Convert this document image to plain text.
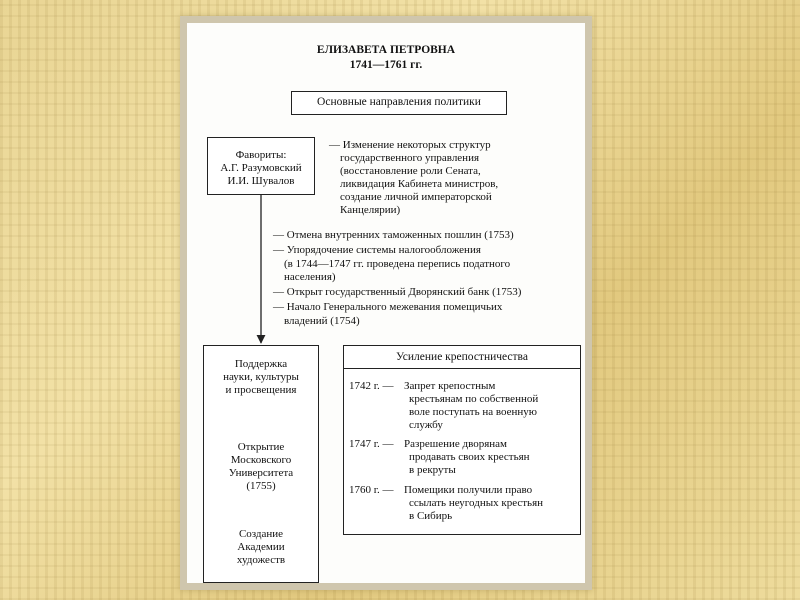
ЕЛИЗАВЕТА ПЕТРОВНА
1741—1761 гг.
Основные направления политики
Фавориты:
А.Г. Разумовский
И.И. Шувалов
— Изменение некоторых структур
государственного управления
(восстановление роли Сената,
ликвидация Кабинета министров,
создание личной императорской
Канцелярии)
— Отмена внутренних таможенных пошлин (1753)
— Упорядочение системы налогообложения
(в 1744—1747 гг. проведена перепись податного
населения)
— Открыт государственный Дворянский банк (1753)
— Начало Генерального межевания помещичьих
владений (1754)
Поддержка
науки, культуры
и просвещения
Открытие
Московского
Университета
(1755)
Создание
Академии
художеств
Усиление крепостничества
1742 г. — Запрет крепостным
крестьянам по собственной
воле поступать на военную
службу
1747 г. — Разрешение дворянам
продавать своих крестьян
в рекруты
1760 г. — Помещики получили право
ссылать неугодных крестьян
в Сибирь
